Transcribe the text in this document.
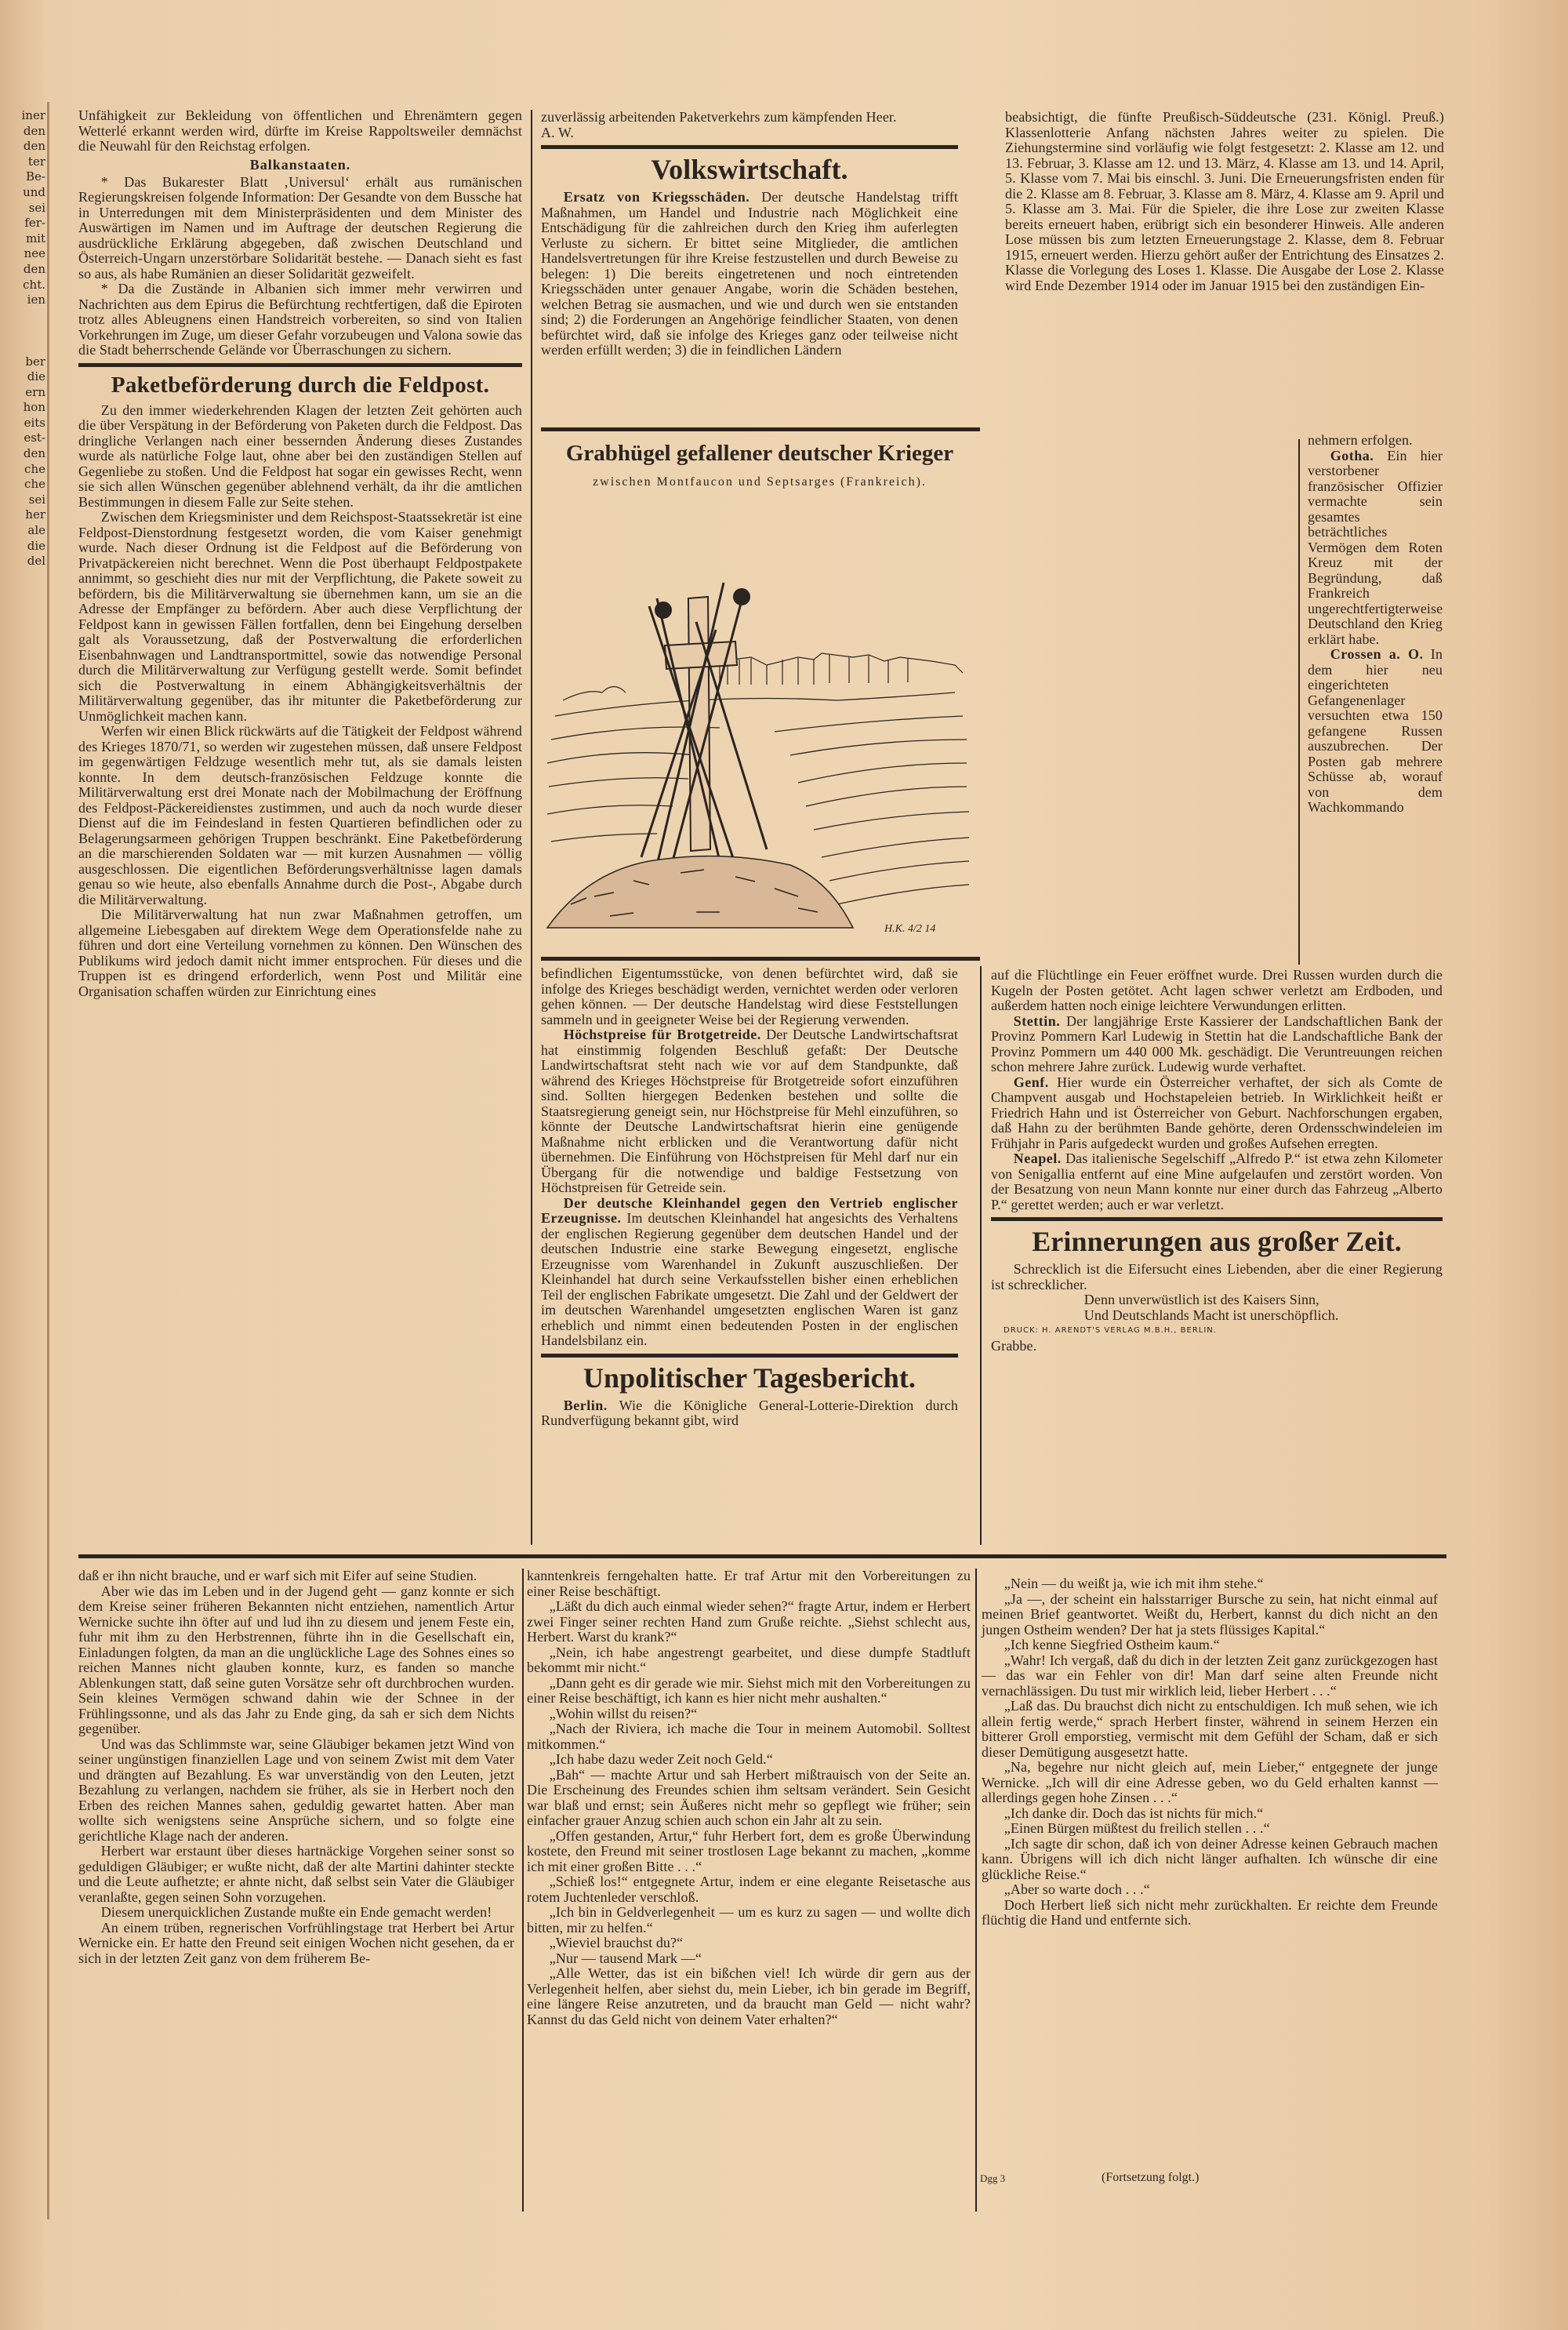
iner
den
den
ter
Be-
und
sei
fer-
mit
nee
den
cht.
ien

ber
die
ern
hon
eits
est-
den
che
che
sei
her
ale
die
del

Unfähigkeit zur Bekleidung von öffentlichen und Ehrenämtern gegen Wetterlé erkannt werden wird, dürfte im Kreise Rappoltsweiler demnächst die Neuwahl für den Reichstag erfolgen.

Balkanstaaten.

* Das Bukarester Blatt ‚Universul‘ erhält aus rumänischen Regierungskreisen folgende Information: Der Gesandte von dem Bussche hat in Unterredungen mit dem Ministerpräsidenten und dem Minister des Auswärtigen im Namen und im Auftrage der deutschen Regierung die ausdrückliche Erklärung abgegeben, daß zwischen Deutschland und Österreich-Ungarn unzerstörbare Solidarität bestehe. — Danach sieht es fast so aus, als habe Rumänien an dieser Solidarität gezweifelt.

* Da die Zustände in Albanien sich immer mehr verwirren und Nachrichten aus dem Epirus die Befürchtung rechtfertigen, daß die Epiroten trotz alles Ableugnens einen Handstreich vorbereiten, so sind von Italien Vorkehrungen im Zuge, um dieser Gefahr vorzubeugen und Valona sowie das die Stadt beherrschende Gelände vor Überraschungen zu sichern.

Paketbeförderung durch die Feldpost.

Zu den immer wiederkehrenden Klagen der letzten Zeit gehörten auch die über Verspätung in der Beförderung von Paketen durch die Feldpost. Das dringliche Verlangen nach einer bessernden Änderung dieses Zustandes wurde als natürliche Folge laut, ohne aber bei den zuständigen Stellen auf Gegenliebe zu stoßen. Und die Feldpost hat sogar ein gewisses Recht, wenn sie sich allen Wünschen gegenüber ablehnend verhält, da ihr die amtlichen Bestimmungen in diesem Falle zur Seite stehen.

Zwischen dem Kriegsminister und dem Reichspost-Staatssekretär ist eine Feldpost-Dienstordnung festgesetzt worden, die vom Kaiser genehmigt wurde. Nach dieser Ordnung ist die Feldpost auf die Beförderung von Privatpäckereien nicht berechnet. Wenn die Post überhaupt Feldpostpakete annimmt, so geschieht dies nur mit der Verpflichtung, die Pakete soweit zu befördern, bis die Militärverwaltung sie übernehmen kann, um sie an die Adresse der Empfänger zu befördern. Aber auch diese Verpflichtung der Feldpost kann in gewissen Fällen fortfallen, denn bei Eingehung derselben galt als Voraussetzung, daß der Postverwaltung die erforderlichen Eisenbahnwagen und Landtransportmittel, sowie das notwendige Personal durch die Militärverwaltung zur Verfügung gestellt werde. Somit befindet sich die Postverwaltung in einem Abhängigkeitsverhältnis der Militärverwaltung gegenüber, das ihr mitunter die Paketbeförderung zur Unmöglichkeit machen kann.

Werfen wir einen Blick rückwärts auf die Tätigkeit der Feldpost während des Krieges 1870/71, so werden wir zugestehen müssen, daß unsere Feldpost im gegenwärtigen Feldzuge wesentlich mehr tut, als sie damals leisten konnte. In dem deutsch-französischen Feldzuge konnte die Militärverwaltung erst drei Monate nach der Mobilmachung der Eröffnung des Feldpost-Päckereidienstes zustimmen, und auch da noch wurde dieser Dienst auf die im Feindesland in festen Quartieren befindlichen oder zu Belagerungsarmeen gehörigen Truppen beschränkt. Eine Paketbeförderung an die marschierenden Soldaten war — mit kurzen Ausnahmen — völlig ausgeschlossen. Die eigentlichen Beförderungsverhältnisse lagen damals genau so wie heute, also ebenfalls Annahme durch die Post-, Abgabe durch die Militärverwaltung.

Die Militärverwaltung hat nun zwar Maßnahmen getroffen, um allgemeine Liebesgaben auf direktem Wege dem Operationsfelde nahe zu führen und dort eine Verteilung vornehmen zu können. Den Wünschen des Publikums wird jedoch damit nicht immer entsprochen. Für dieses und die Truppen ist es dringend erforderlich, wenn Post und Militär eine Organisation schaffen würden zur Einrichtung eines

zuverlässig arbeitenden Paketverkehrs zum kämpfenden Heer.

A. W.

Volkswirtschaft.

Ersatz von Kriegsschäden. Der deutsche Handelstag trifft Maßnahmen, um Handel und Industrie nach Möglichkeit eine Entschädigung für die zahlreichen durch den Krieg ihm auferlegten Verluste zu sichern. Er bittet seine Mitglieder, die amtlichen Handelsvertretungen für ihre Kreise festzustellen und durch Beweise zu belegen: 1) Die bereits eingetretenen und noch eintretenden Kriegsschäden unter genauer Angabe, worin die Schäden bestehen, welchen Betrag sie ausmachen, und wie und durch wen sie entstanden sind; 2) die Forderungen an Angehörige feindlicher Staaten, von denen befürchtet wird, daß sie infolge des Krieges ganz oder teilweise nicht werden erfüllt werden; 3) die in feindlichen Ländern

Grabhügel gefallener deutscher Krieger
zwischen Montfaucon und Septsarges (Frankreich).
H.K. 4/2 14

befindlichen Eigentumsstücke, von denen befürchtet wird, daß sie infolge des Krieges beschädigt werden, vernichtet werden oder verloren gehen können. — Der deutsche Handelstag wird diese Feststellungen sammeln und in geeigneter Weise bei der Regierung verwenden.

Höchstpreise für Brotgetreide. Der Deutsche Landwirtschaftsrat hat einstimmig folgenden Beschluß gefaßt: Der Deutsche Landwirtschaftsrat steht nach wie vor auf dem Standpunkte, daß während des Krieges Höchstpreise für Brotgetreide sofort einzuführen sind. Sollten hiergegen Bedenken bestehen und sollte die Staatsregierung geneigt sein, nur Höchstpreise für Mehl einzuführen, so könnte der Deutsche Landwirtschaftsrat hierin eine genügende Maßnahme nicht erblicken und die Verantwortung dafür nicht übernehmen. Die Einführung von Höchstpreisen für Mehl darf nur ein Übergang für die notwendige und baldige Festsetzung von Höchstpreisen für Getreide sein.

Der deutsche Kleinhandel gegen den Vertrieb englischer Erzeugnisse. Im deutschen Kleinhandel hat angesichts des Verhaltens der englischen Regierung gegenüber dem deutschen Handel und der deutschen Industrie eine starke Bewegung eingesetzt, englische Erzeugnisse vom Warenhandel in Zukunft auszuschließen. Der Kleinhandel hat durch seine Verkaufsstellen bisher einen erheblichen Teil der englischen Fabrikate umgesetzt. Die Zahl und der Geldwert der im deutschen Warenhandel umgesetzten englischen Waren ist ganz erheblich und nimmt einen bedeutenden Posten in der englischen Handelsbilanz ein.

Unpolitischer Tagesbericht.

Berlin. Wie die Königliche General-Lotterie-Direktion durch Rundverfügung bekannt gibt, wird

beabsichtigt, die fünfte Preußisch-Süddeutsche (231. Königl. Preuß.) Klassenlotterie Anfang nächsten Jahres weiter zu spielen. Die Ziehungstermine sind vorläufig wie folgt festgesetzt: 2. Klasse am 12. und 13. Februar, 3. Klasse am 12. und 13. März, 4. Klasse am 13. und 14. April, 5. Klasse vom 7. Mai bis einschl. 3. Juni. Die Erneuerungsfristen enden für die 2. Klasse am 8. Februar, 3. Klasse am 8. März, 4. Klasse am 9. April und 5. Klasse am 3. Mai. Für die Spieler, die ihre Lose zur zweiten Klasse bereits erneuert haben, erübrigt sich ein besonderer Hinweis. Alle anderen Lose müssen bis zum letzten Erneuerungstage 2. Klasse, dem 8. Februar 1915, erneuert werden. Hierzu gehört außer der Entrichtung des Einsatzes 2. Klasse die Vorlegung des Loses 1. Klasse. Die Ausgabe der Lose 2. Klasse wird Ende Dezember 1914 oder im Januar 1915 bei den zuständigen Ein-

nehmern erfolgen.

Gotha. Ein hier verstorbener französischer Offizier vermachte sein gesamtes beträchtliches Vermögen dem Roten Kreuz mit der Begründung, daß Frankreich ungerechtfertigterweise Deutschland den Krieg erklärt habe.

Crossen a. O. In dem hier neu eingerichteten Gefangenenlager versuchten etwa 150 gefangene Russen auszubrechen. Der Posten gab mehrere Schüsse ab, worauf von dem Wachkommando

auf die Flüchtlinge ein Feuer eröffnet wurde. Drei Russen wurden durch die Kugeln der Posten getötet. Acht lagen schwer verletzt am Erdboden, und außerdem hatten noch einige leichtere Verwundungen erlitten.

Stettin. Der langjährige Erste Kassierer der Landschaftlichen Bank der Provinz Pommern Karl Ludewig in Stettin hat die Landschaftliche Bank der Provinz Pommern um 440 000 Mk. geschädigt. Die Veruntreuungen reichen schon mehrere Jahre zurück. Ludewig wurde verhaftet.

Genf. Hier wurde ein Österreicher verhaftet, der sich als Comte de Champvent ausgab und Hochstapeleien betrieb. In Wirklichkeit heißt er Friedrich Hahn und ist Österreicher von Geburt. Nachforschungen ergaben, daß Hahn zu der berühmten Bande gehörte, deren Ordensschwindeleien im Frühjahr in Paris aufgedeckt wurden und großes Aufsehen erregten.

Neapel. Das italienische Segelschiff „Alfredo P.“ ist etwa zehn Kilometer von Senigallia entfernt auf eine Mine aufgelaufen und zerstört worden. Von der Besatzung von neun Mann konnte nur einer durch das Fahrzeug „Alberto P.“ gerettet werden; auch er war verletzt.

Erinnerungen aus großer Zeit.

Schrecklich ist die Eifersucht eines Liebenden, aber die einer Regierung ist schrecklicher.

Denn unverwüstlich ist des Kaisers Sinn,

Und Deutschlands Macht ist unerschöpflich.

DRUCK: H. ARENDT'S VERLAG M.B.H., BERLIN.

Grabbe.

daß er ihn nicht brauche, und er warf sich mit Eifer auf seine Studien.

Aber wie das im Leben und in der Jugend geht — ganz konnte er sich dem Kreise seiner früheren Bekannten nicht entziehen, namentlich Artur Wernicke suchte ihn öfter auf und lud ihn zu diesem und jenem Feste ein, fuhr mit ihm zu den Herbstrennen, führte ihn in die Gesellschaft ein, Einladungen folgten, da man an die unglückliche Lage des Sohnes eines so reichen Mannes nicht glauben konnte, kurz, es fanden so manche Ablenkungen statt, daß seine guten Vorsätze sehr oft durchbrochen wurden. Sein kleines Vermögen schwand dahin wie der Schnee in der Frühlingssonne, und als das Jahr zu Ende ging, da sah er sich dem Nichts gegenüber.

Und was das Schlimmste war, seine Gläubiger bekamen jetzt Wind von seiner ungünstigen finanziellen Lage und von seinem Zwist mit dem Vater und drängten auf Bezahlung. Es war unverständig von den Leuten, jetzt Bezahlung zu verlangen, nachdem sie früher, als sie in Herbert noch den Erben des reichen Mannes sahen, geduldig gewartet hatten. Aber man wollte sich wenigstens seine Ansprüche sichern, und so folgte eine gerichtliche Klage nach der anderen.

Herbert war erstaunt über dieses hartnäckige Vorgehen seiner sonst so geduldigen Gläubiger; er wußte nicht, daß der alte Martini dahinter steckte und die Leute aufhetzte; er ahnte nicht, daß selbst sein Vater die Gläubiger veranlaßte, gegen seinen Sohn vorzugehen.

Diesem unerquicklichen Zustande mußte ein Ende gemacht werden!

An einem trüben, regnerischen Vorfrühlingstage trat Herbert bei Artur Wernicke ein. Er hatte den Freund seit einigen Wochen nicht gesehen, da er sich in der letzten Zeit ganz von dem früherem Be-

kanntenkreis ferngehalten hatte. Er traf Artur mit den Vorbereitungen zu einer Reise beschäftigt.

„Läßt du dich auch einmal wieder sehen?“ fragte Artur, indem er Herbert zwei Finger seiner rechten Hand zum Gruße reichte. „Siehst schlecht aus, Herbert. Warst du krank?“

„Nein, ich habe angestrengt gearbeitet, und diese dumpfe Stadtluft bekommt mir nicht.“

„Dann geht es dir gerade wie mir. Siehst mich mit den Vorbereitungen zu einer Reise beschäftigt, ich kann es hier nicht mehr aushalten.“

„Wohin willst du reisen?“

„Nach der Riviera, ich mache die Tour in meinem Automobil. Solltest mitkommen.“

„Ich habe dazu weder Zeit noch Geld.“

„Bah“ — machte Artur und sah Herbert mißtrauisch von der Seite an. Die Erscheinung des Freundes schien ihm seltsam verändert. Sein Gesicht war blaß und ernst; sein Äußeres nicht mehr so gepflegt wie früher; sein einfacher grauer Anzug schien auch schon ein Jahr alt zu sein.

„Offen gestanden, Artur,“ fuhr Herbert fort, dem es große Überwindung kostete, den Freund mit seiner trostlosen Lage bekannt zu machen, „komme ich mit einer großen Bitte . . .“

„Schieß los!“ entgegnete Artur, indem er eine elegante Reisetasche aus rotem Juchtenleder verschloß.

„Ich bin in Geldverlegenheit — um es kurz zu sagen — und wollte dich bitten, mir zu helfen.“

„Wieviel brauchst du?“

„Nur — tausend Mark —“

„Alle Wetter, das ist ein bißchen viel! Ich würde dir gern aus der Verlegenheit helfen, aber siehst du, mein Lieber, ich bin gerade im Begriff, eine längere Reise anzutreten, und da braucht man Geld — nicht wahr? Kannst du das Geld nicht von deinem Vater erhalten?“

„Nein — du weißt ja, wie ich mit ihm stehe.“

„Ja —, der scheint ein halsstarriger Bursche zu sein, hat nicht einmal auf meinen Brief geantwortet. Weißt du, Herbert, kannst du dich nicht an den jungen Ostheim wenden? Der hat ja stets flüssiges Kapital.“

„Ich kenne Siegfried Ostheim kaum.“

„Wahr! Ich vergaß, daß du dich in der letzten Zeit ganz zurückgezogen hast — das war ein Fehler von dir! Man darf seine alten Freunde nicht vernachlässigen. Du tust mir wirklich leid, lieber Herbert . . .“

„Laß das. Du brauchst dich nicht zu entschuldigen. Ich muß sehen, wie ich allein fertig werde,“ sprach Herbert finster, während in seinem Herzen ein bitterer Groll emporstieg, vermischt mit dem Gefühl der Scham, daß er sich dieser Demütigung ausgesetzt hatte.

„Na, begehre nur nicht gleich auf, mein Lieber,“ entgegnete der junge Wernicke. „Ich will dir eine Adresse geben, wo du Geld erhalten kannst — allerdings gegen hohe Zinsen . . .“

„Ich danke dir. Doch das ist nichts für mich.“

„Einen Bürgen müßtest du freilich stellen . . .“

„Ich sagte dir schon, daß ich von deiner Adresse keinen Gebrauch machen kann. Übrigens will ich dich nicht länger aufhalten. Ich wünsche dir eine glückliche Reise.“

„Aber so warte doch . . .“

Doch Herbert ließ sich nicht mehr zurückhalten. Er reichte dem Freunde flüchtig die Hand und entfernte sich.

Dgg 3	(Fortsetzung folgt.)
